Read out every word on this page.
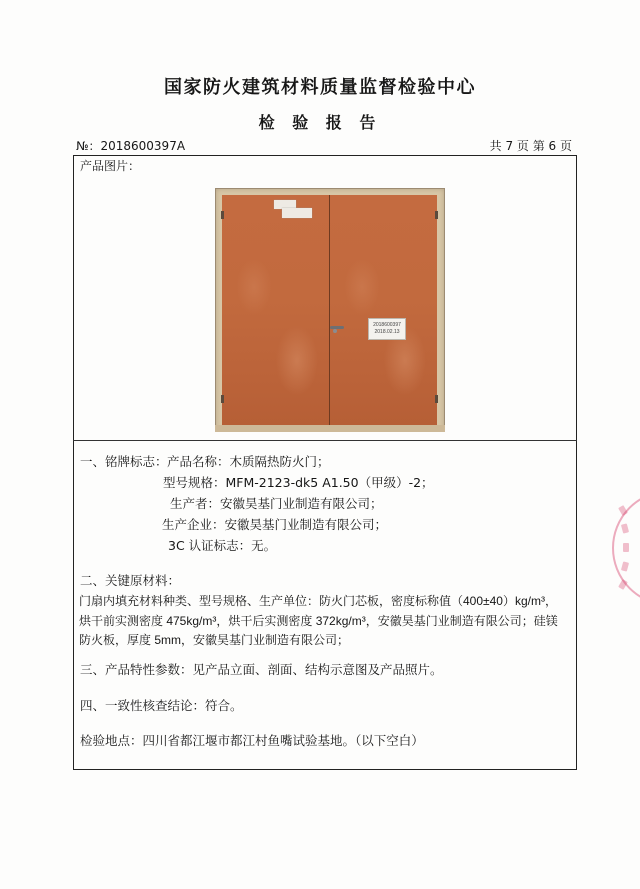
国家防火建筑材料质量监督检验中心
检 验 报 告
№：2018600397A	共 7 页 第 6 页
产品图片：
2018600397
2018.02.13
一、铭牌标志： 产品名称：木质隔热防火门；
型号规格：MFM-2123-dk5 A1.50（甲级）-2；
生产者：安徽昊基门业制造有限公司；
生产企业：安徽昊基门业制造有限公司；
3C 认证标志：无。
二、关键原材料：
门扇内填充材料种类、型号规格、生产单位：防火门芯板，密度标称值（400±40）kg/m³，
烘干前实测密度 475kg/m³，烘干后实测密度 372kg/m³，安徽昊基门业制造有限公司；硅镁
防火板，厚度 5mm，安徽昊基门业制造有限公司；
三、产品特性参数：见产品立面、剖面、结构示意图及产品照片。
四、一致性核查结论：符合。
检验地点：四川省都江堰市都江村鱼嘴试验基地。（以下空白）
